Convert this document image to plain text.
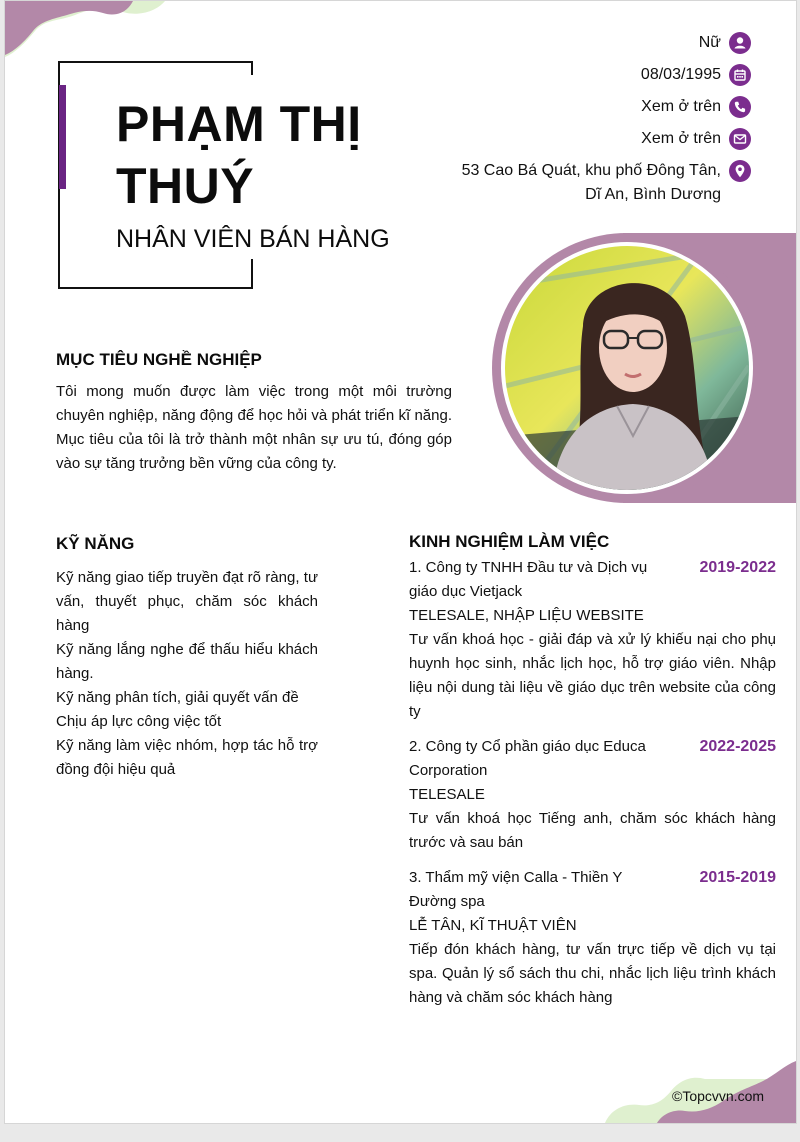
PHẠM THỊ
THUÝ
NHÂN VIÊN BÁN HÀNG
Nữ
08/03/1995
Xem ở trên
Xem ở trên
53 Cao Bá Quát, khu phố Đông Tân, Dĩ An, Bình Dương
MỤC TIÊU NGHỀ NGHIỆP
Tôi mong muốn được làm việc trong một môi trường chuyên nghiệp, năng động để học hỏi và phát triển kĩ năng. Mục tiêu của tôi là trở thành một nhân sự ưu tú, đóng góp vào sự tăng trưởng bền vững của công ty.
KỸ NĂNG
Kỹ năng giao tiếp truyền đạt rõ ràng, tư vấn, thuyết phục, chăm sóc khách hàng
Kỹ năng lắng nghe để thấu hiểu khách hàng.
Kỹ năng phân tích, giải quyết vấn đề
Chịu áp lực công việc tốt
Kỹ năng làm việc nhóm, hợp tác hỗ trợ đồng đội hiệu quả
KINH NGHIỆM LÀM VIỆC
1. Công ty TNHH Đầu tư và Dịch vụ giáo dục Vietjack
2019-2022
TELESALE, NHẬP LIỆU WEBSITE
Tư vấn khoá học - giải đáp và xử lý khiếu nại cho phụ huynh học sinh, nhắc lịch học, hỗ trợ giáo viên. Nhập liệu nội dung tài liệu về giáo dục trên website của công ty
2. Công ty Cổ phần giáo dục Educa Corporation
2022-2025
TELESALE
Tư vấn khoá học Tiếng anh, chăm sóc khách hàng trước và sau bán
3. Thẩm mỹ viện Calla - Thiền Y Đường spa
2015-2019
LỄ TÂN, KĨ THUẬT VIÊN
Tiếp đón khách hàng, tư vấn trực tiếp về dịch vụ tại spa. Quản lý sổ sách thu chi, nhắc lịch liệu trình khách hàng và chăm sóc khách hàng
©Topcvvn.com
